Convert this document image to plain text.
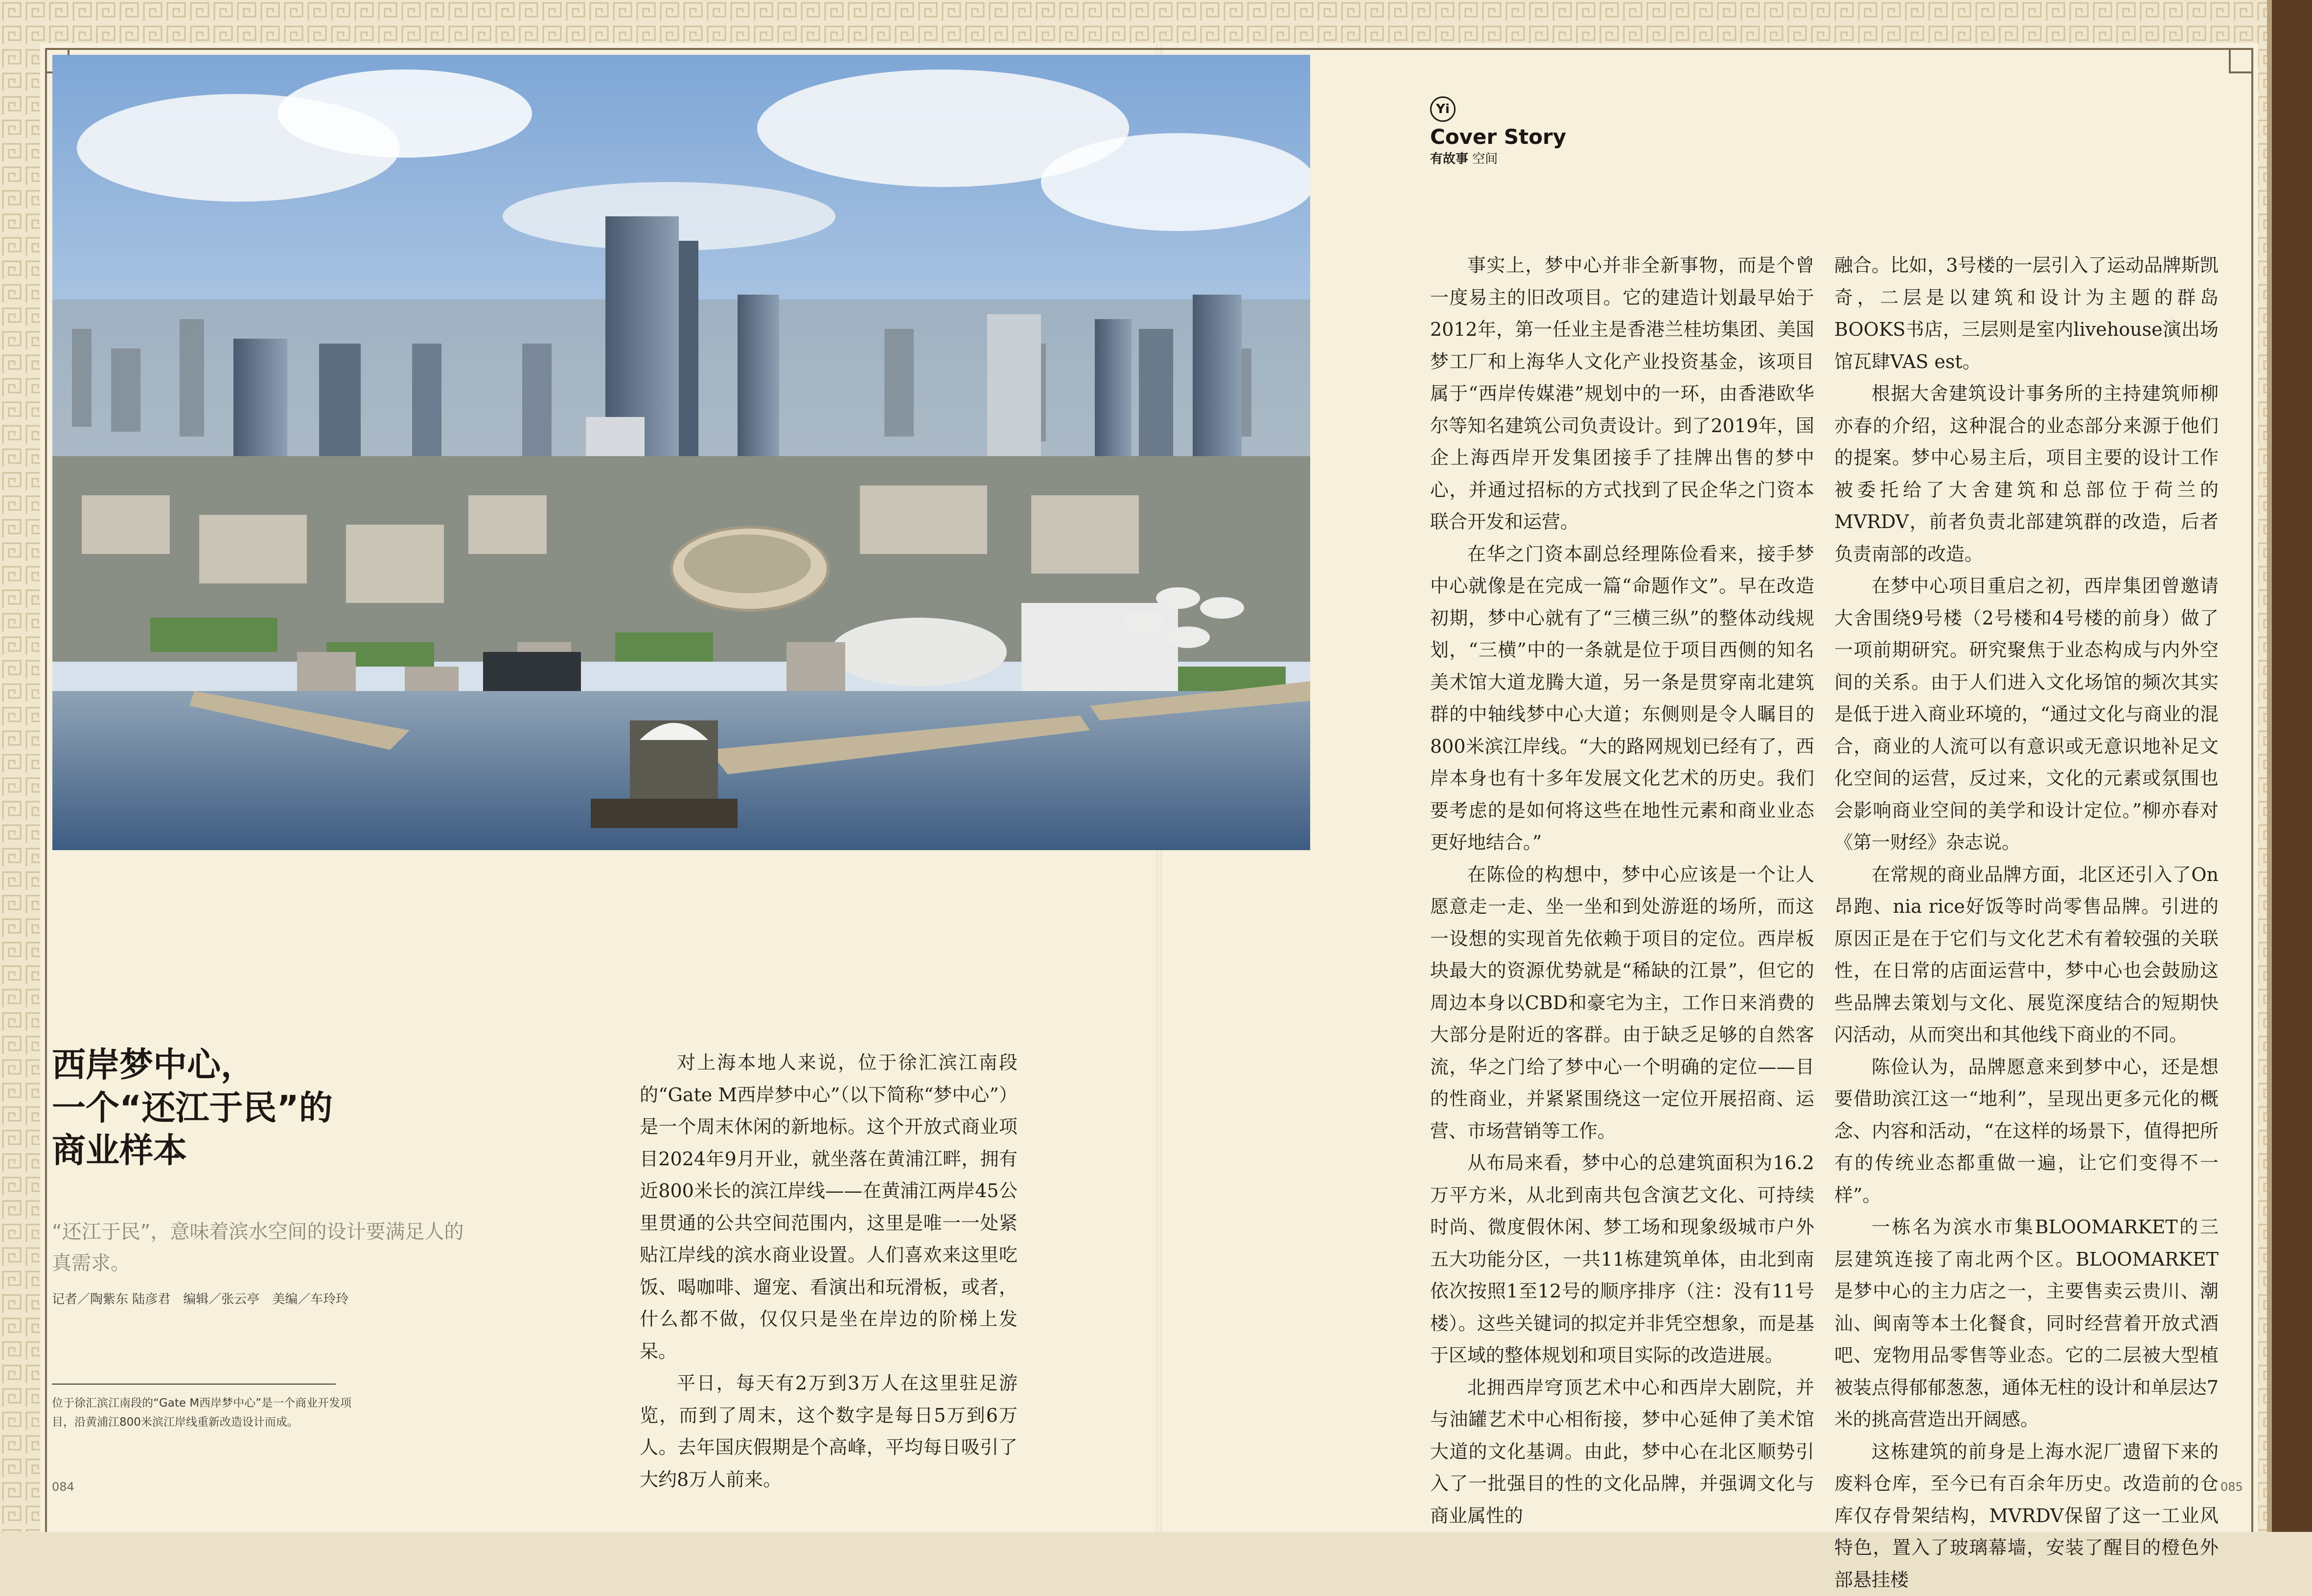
西岸梦中心，
一个“还江于民”的
商业样本
“还江于民”，意味着滨水空间的设计要满足人的真需求。
记者／陶紫东 陆彦君　编辑／张云亭　美编／车玲玲
位于徐汇滨江南段的“Gate M西岸梦中心”是一个商业开发项目，沿黄浦江800米滨江岸线重新改造设计而成。

对上海本地人来说，位于徐汇滨江南段的“Gate M西岸梦中心”（以下简称“梦中心”）是一个周末休闲的新地标。这个开放式商业项目2024年9月开业，就坐落在黄浦江畔，拥有近800米长的滨江岸线——在黄浦江两岸45公里贯通的公共空间范围内，这里是唯一一处紧贴江岸线的滨水商业设置。人们喜欢来这里吃饭、喝咖啡、遛宠、看演出和玩滑板，或者，什么都不做，仅仅只是坐在岸边的阶梯上发呆。

平日，每天有2万到3万人在这里驻足游览，而到了周末，这个数字是每日5万到6万人。去年国庆假期是个高峰，平均每日吸引了大约8万人前来。

Yi
Cover Story
有故事 空间

事实上，梦中心并非全新事物，而是个曾一度易主的旧改项目。它的建造计划最早始于2012年，第一任业主是香港兰桂坊集团、美国梦工厂和上海华人文化产业投资基金，该项目属于“西岸传媒港”规划中的一环，由香港欧华尔等知名建筑公司负责设计。到了2019年，国企上海西岸开发集团接手了挂牌出售的梦中心，并通过招标的方式找到了民企华之门资本联合开发和运营。

在华之门资本副总经理陈俭看来，接手梦中心就像是在完成一篇“命题作文”。早在改造初期，梦中心就有了“三横三纵”的整体动线规划，“三横”中的一条就是位于项目西侧的知名美术馆大道龙腾大道，另一条是贯穿南北建筑群的中轴线梦中心大道；东侧则是令人瞩目的800米滨江岸线。“大的路网规划已经有了，西岸本身也有十多年发展文化艺术的历史。我们要考虑的是如何将这些在地性元素和商业业态更好地结合。”

在陈俭的构想中，梦中心应该是一个让人愿意走一走、坐一坐和到处游逛的场所，而这一设想的实现首先依赖于项目的定位。西岸板块最大的资源优势就是“稀缺的江景”，但它的周边本身以CBD和豪宅为主，工作日来消费的大部分是附近的客群。由于缺乏足够的自然客流，华之门给了梦中心一个明确的定位——目的性商业，并紧紧围绕这一定位开展招商、运营、市场营销等工作。

从布局来看，梦中心的总建筑面积为16.2万平方米，从北到南共包含演艺文化、可持续时尚、微度假休闲、梦工场和现象级城市户外五大功能分区，一共11栋建筑单体，由北到南依次按照1至12号的顺序排序（注：没有11号楼）。这些关键词的拟定并非凭空想象，而是基于区域的整体规划和项目实际的改造进展。

北拥西岸穹顶艺术中心和西岸大剧院，并与油罐艺术中心相衔接，梦中心延伸了美术馆大道的文化基调。由此，梦中心在北区顺势引入了一批强目的性的文化品牌，并强调文化与商业属性的

融合。比如，3号楼的一层引入了运动品牌斯凯奇，二层是以建筑和设计为主题的群岛BOOKS书店，三层则是室内livehouse演出场馆瓦肆VAS est。

根据大舍建筑设计事务所的主持建筑师柳亦春的介绍，这种混合的业态部分来源于他们的提案。梦中心易主后，项目主要的设计工作被委托给了大舍建筑和总部位于荷兰的MVRDV，前者负责北部建筑群的改造，后者负责南部的改造。

在梦中心项目重启之初，西岸集团曾邀请大舍围绕9号楼（2号楼和4号楼的前身）做了一项前期研究。研究聚焦于业态构成与内外空间的关系。由于人们进入文化场馆的频次其实是低于进入商业环境的，“通过文化与商业的混合，商业的人流可以有意识或无意识地补足文化空间的运营，反过来，文化的元素或氛围也会影响商业空间的美学和设计定位。”柳亦春对《第一财经》杂志说。

在常规的商业品牌方面，北区还引入了On昂跑、nia rice好饭等时尚零售品牌。引进的原因正是在于它们与文化艺术有着较强的关联性，在日常的店面运营中，梦中心也会鼓励这些品牌去策划与文化、展览深度结合的短期快闪活动，从而突出和其他线下商业的不同。

陈俭认为，品牌愿意来到梦中心，还是想要借助滨江这一“地利”，呈现出更多元化的概念、内容和活动，“在这样的场景下，值得把所有的传统业态都重做一遍，让它们变得不一样”。

一栋名为滨水市集BLOOMARKET的三层建筑连接了南北两个区。BLOOMARKET是梦中心的主力店之一，主要售卖云贵川、潮汕、闽南等本土化餐食，同时经营着开放式酒吧、宠物用品零售等业态。它的二层被大型植被装点得郁郁葱葱，通体无柱的设计和单层达7米的挑高营造出开阔感。

这栋建筑的前身是上海水泥厂遗留下来的废料仓库，至今已有百余年历史。改造前的仓库仅存骨架结构，MVRDV保留了这一工业风特色，置入了玻璃幕墙，安装了醒目的橙色外部悬挂楼

084	085
